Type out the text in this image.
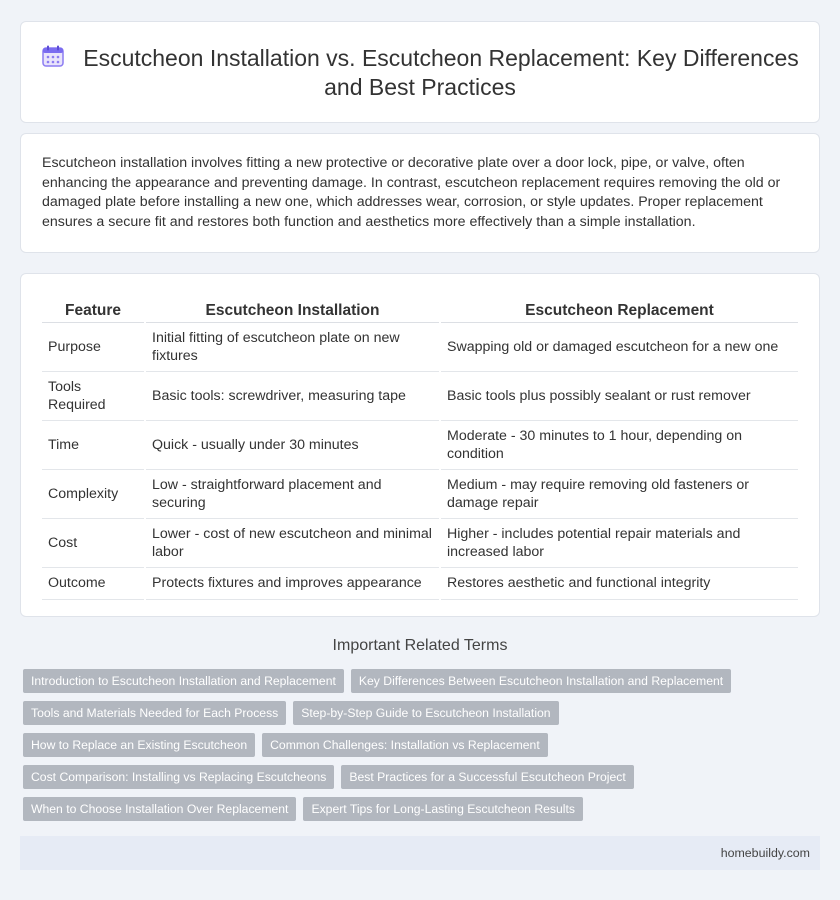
Escutcheon Installation vs. Escutcheon Replacement: Key Differences and Best Practices

Escutcheon installation involves fitting a new protective or decorative plate over a door lock, pipe, or valve, often enhancing the appearance and preventing damage. In contrast, escutcheon replacement requires removing the old or damaged plate before installing a new one, which addresses wear, corrosion, or style updates. Proper replacement ensures a secure fit and restores both function and aesthetics more effectively than a simple installation.

Feature	Escutcheon Installation	Escutcheon Replacement
Purpose	Initial fitting of escutcheon plate on new fixtures	Swapping old or damaged escutcheon for a new one
Tools Required	Basic tools: screwdriver, measuring tape	Basic tools plus possibly sealant or rust remover
Time	Quick - usually under 30 minutes	Moderate - 30 minutes to 1 hour, depending on condition
Complexity	Low - straightforward placement and securing	Medium - may require removing old fasteners or damage repair
Cost	Lower - cost of new escutcheon and minimal labor	Higher - includes potential repair materials and increased labor
Outcome	Protects fixtures and improves appearance	Restores aesthetic and functional integrity
Important Related Terms
Introduction to Escutcheon Installation and Replacement	Key Differences Between Escutcheon Installation and Replacement
Tools and Materials Needed for Each Process	Step-by-Step Guide to Escutcheon Installation
How to Replace an Existing Escutcheon	Common Challenges: Installation vs Replacement
Cost Comparison: Installing vs Replacing Escutcheons	Best Practices for a Successful Escutcheon Project
When to Choose Installation Over Replacement	Expert Tips for Long-Lasting Escutcheon Results
homebuildy.com
